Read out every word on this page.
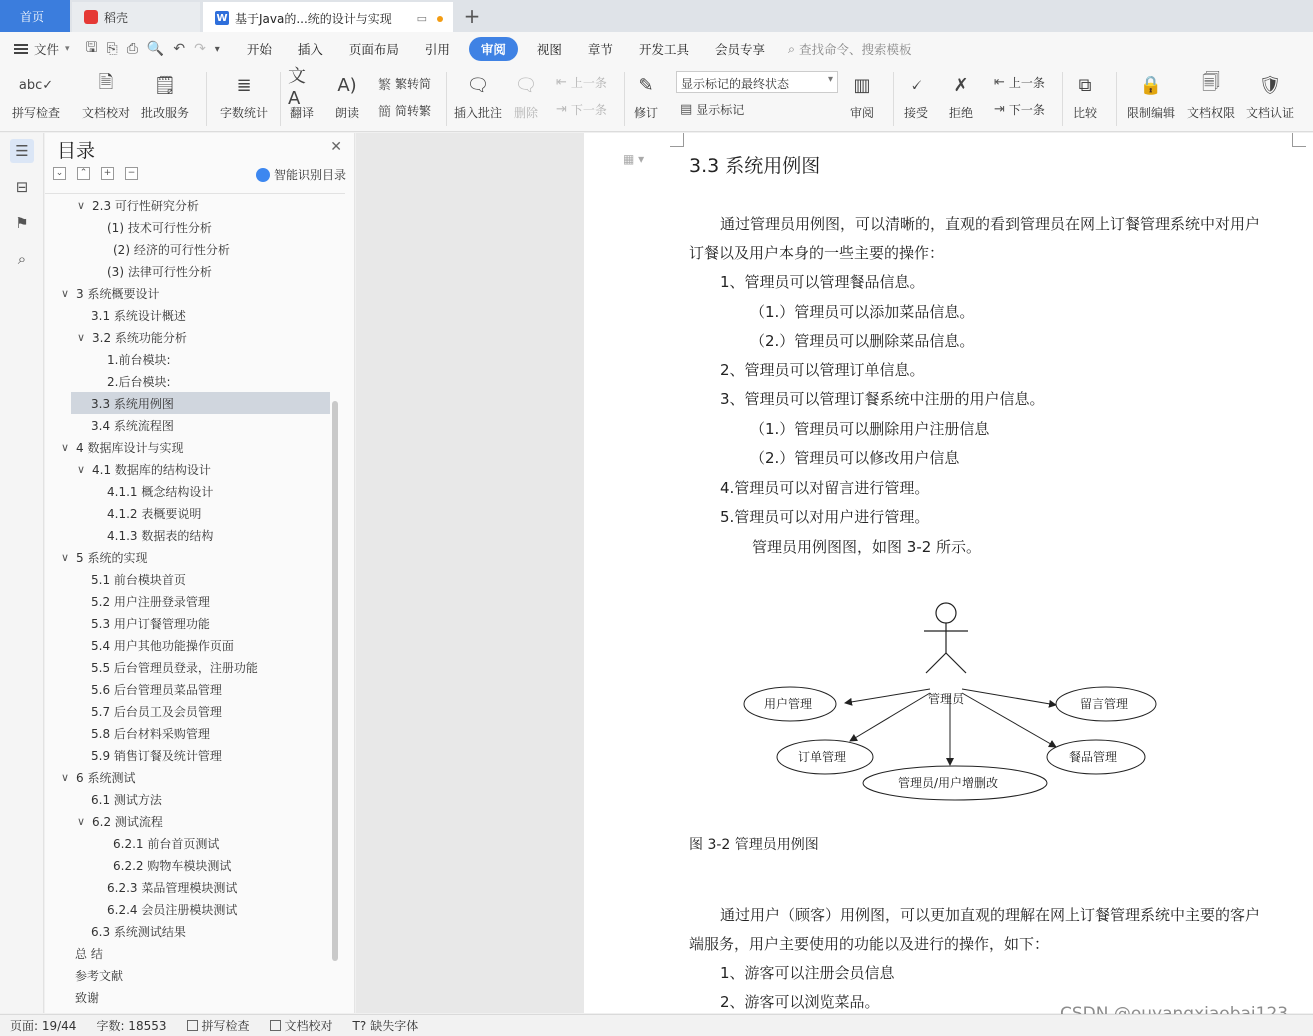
首页	稻壳	W 基于Java的...统的设计与实现 ▭ +
文件 ▾ 🖫 ⎘ ⎙ 🔍 ↶ ↷ ▾	开始	插入	页面布局	引用	审阅	视图	章节	开发工具	会员专享	⌕ 查找命令、搜索模板
abc✓
拼写检查
🗎
文档校对
🗒
批改服务
≣
字数统计
文A
翻译
A)
朗读
繁 繁转简
簡 简转繁
🗨
插入批注
🗨
删除
⇤ 上一条
⇥ 下一条
✎
修订
显示标记的最终状态 ▾
▤ 显示标记
▥
审阅
🗸
接受
✗
拒绝
⇤ 上一条
⇥ 下一条
⧉
比较
🔒
限制编辑
🗐
文档权限
🛡
文档认证
☰
⊟
⚑
⌕
目录	✕
⌄	⌃	+	−	智能识别目录
∨ 2.3 可行性研究分析
(1) 技术可行性分析
(2) 经济的可行性分析
(3) 法律可行性分析
∨ 3 系统概要设计
3.1 系统设计概述
∨ 3.2 系统功能分析
1.前台模块:
2.后台模块:
3.3 系统用例图
3.4 系统流程图
∨ 4 数据库设计与实现
∨ 4.1 数据库的结构设计
4.1.1 概念结构设计
4.1.2 表概要说明
4.1.3 数据表的结构
∨ 5 系统的实现
5.1 前台模块首页
5.2 用户注册登录管理
5.3 用户订餐管理功能
5.4 用户其他功能操作页面
5.5 后台管理员登录，注册功能
5.6 后台管理员菜品管理
5.7 后台员工及会员管理
5.8 后台材料采购管理
5.9 销售订餐及统计管理
∨ 6 系统测试
6.1 测试方法
∨ 6.2 测试流程
6.2.1 前台首页测试
6.2.2 购物车模块测试
6.2.3 菜品管理模块测试
6.2.4 会员注册模块测试
6.3 系统测试结果
总 结
参考文献
致谢
▦ ▾ 3.3 系统用例图
通过管理员用例图，可以清晰的，直观的看到管理员在网上订餐管理系统中对用户
订餐以及用户本身的一些主要的操作：
1、管理员可以管理餐品信息。
（1.）管理员可以添加菜品信息。
（2.）管理员可以删除菜品信息。
2、管理员可以管理订单信息。
3、管理员可以管理订餐系统中注册的用户信息。
（1.）管理员可以删除用户注册信息
（2.）管理员可以修改用户信息
4.管理员可以对留言进行管理。
5.管理员可以对用户进行管理。
管理员用例图图，如图 3-2 所示。
管理员
用户管理	留言管理
订单管理	餐品管理
管理员/用户增删改
图 3-2 管理员用例图
通过用户（顾客）用例图，可以更加直观的理解在网上订餐管理系统中主要的客户
端服务，用户主要使用的功能以及进行的操作，如下：
1、游客可以注册会员信息
2、游客可以浏览菜品。
页面: 19/44	字数: 18553	拼写检查	文档校对 T? 缺失字体
